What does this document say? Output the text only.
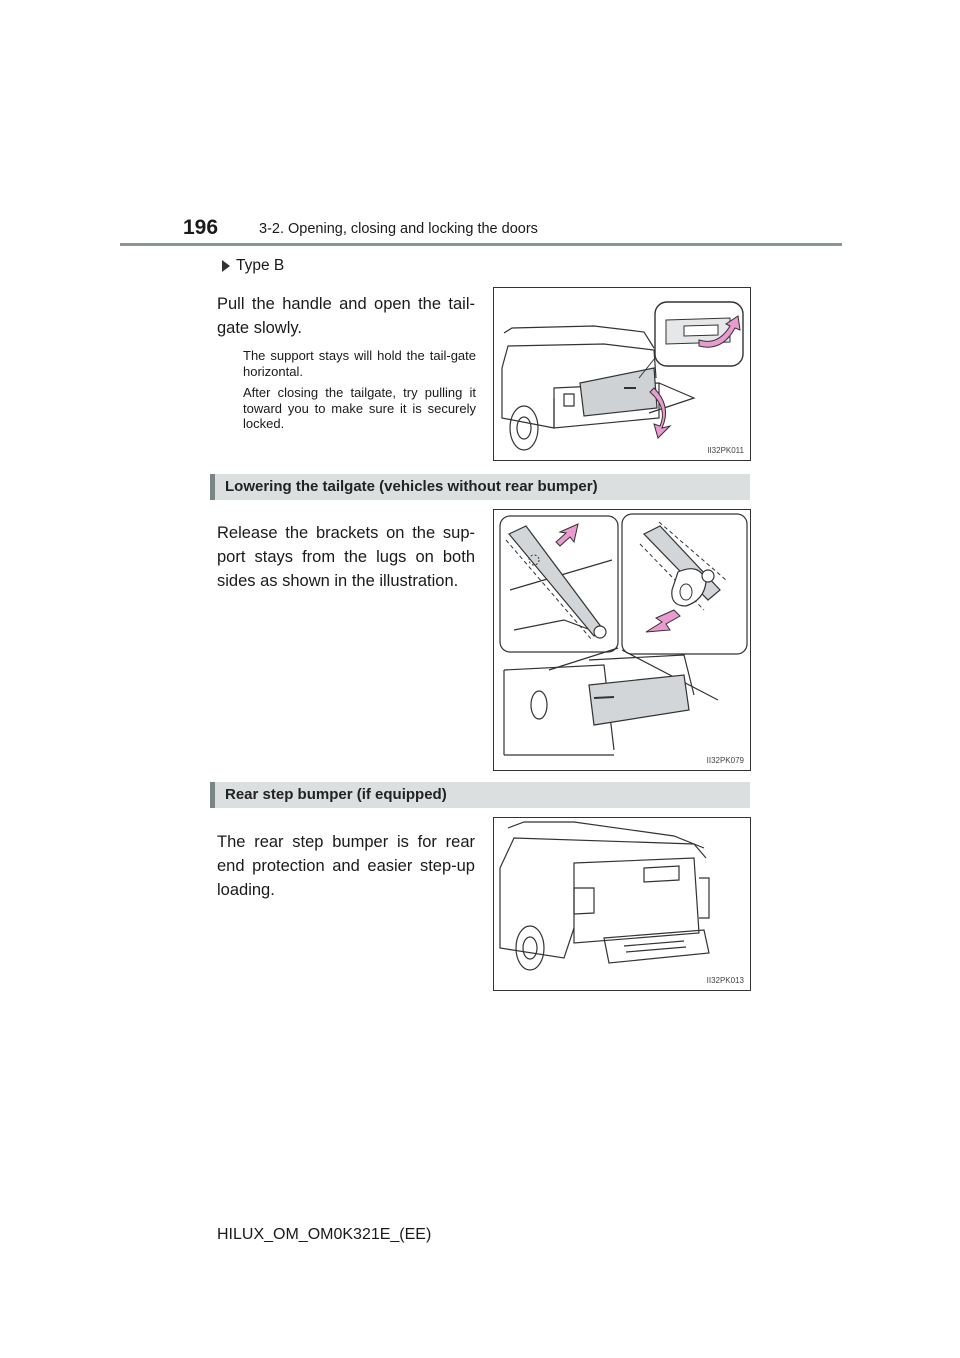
196	3-2. Opening, closing and locking the doors
Type B
Pull the handle and open the tail-gate slowly.

The support stays will hold the tail-gate horizontal.

After closing the tailgate, try pulling it toward you to make sure it is securely locked.

II32PK011
Lowering the tailgate (vehicles without rear bumper)
Release the brackets on the sup-port stays from the lugs on both sides as shown in the illustration.
II32PK079
Rear step bumper (if equipped)
The rear step bumper is for rear end protection and easier step-up loading.
II32PK013
HILUX_OM_OM0K321E_(EE)
